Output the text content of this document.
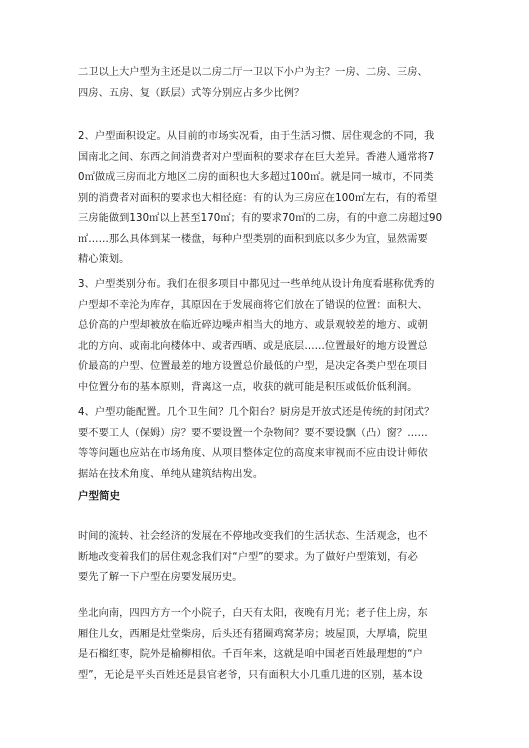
二卫以上大户型为主还是以二房二厅一卫以下小户为主？一房、二房、三房、
四房、五房、复（跃层）式等分别应占多少比例？

2、户型面积设定。从目前的市场实况看，由于生活习惯、居住观念的不同，我
国南北之间、东西之间消费者对户型面积的要求存在巨大差异。香港人通常将7
0㎡做成三房而北方地区二房的面积也大多超过100㎡。就是同一城市，不同类
别的消费者对面积的要求也大相径庭：有的认为三房应在100㎡左右，有的希望
三房能做到130㎡以上甚至170㎡；有的要求70㎡的二房，有的中意二房超过90
㎡……那么具体到某一楼盘，每种户型类别的面积到底以多少为宜，显然需要
精心策划。

3、户型类别分布。我们在很多项目中都见过一些单纯从设计角度看堪称优秀的
户型却不幸沦为库存，其原因在于发展商将它们放在了错误的位置：面积大、
总价高的户型却被放在临近碎边噪声相当大的地方、或景观较差的地方、或朝
北的方向、或南北向楼体中、或者西晒、或是底层……位置最好的地方设置总
价最高的户型、位置最差的地方设置总价最低的户型，是决定各类户型在项目
中位置分布的基本原则，背离这一点，收获的就可能是积压或低价低利润。

4、户型功能配置。几个卫生间？几个阳台？厨房是开放式还是传统的封闭式？
要不要工人（保姆）房？要不要设置一个杂物间？要不要设飘（凸）窗？……
等等问题也应站在市场角度、从项目整体定位的高度来审视而不应由设计师依
据站在技术角度、单纯从建筑结构出发。

户型简史

时间的流转、社会经济的发展在不停地改变我们的生活状态、生活观念，也不
断地改变着我们的居住观念我们对“户型”的要求。为了做好户型策划，有必
要先了解一下户型在房要发展历史。

坐北向南，四四方方一个小院子，白天有太阳，夜晚有月光；老子住上房，东
厢住儿女，西厢是灶堂柴房，后头还有猪圈鸡窝茅房；坡屋顶，大厚墙，院里
是石榴红枣，院外是榆柳相依。千百年来，这就是咱中国老百姓最理想的“户
型”，无论是平头百姓还是县官老爷，只有面积大小几重几进的区别，基本设
